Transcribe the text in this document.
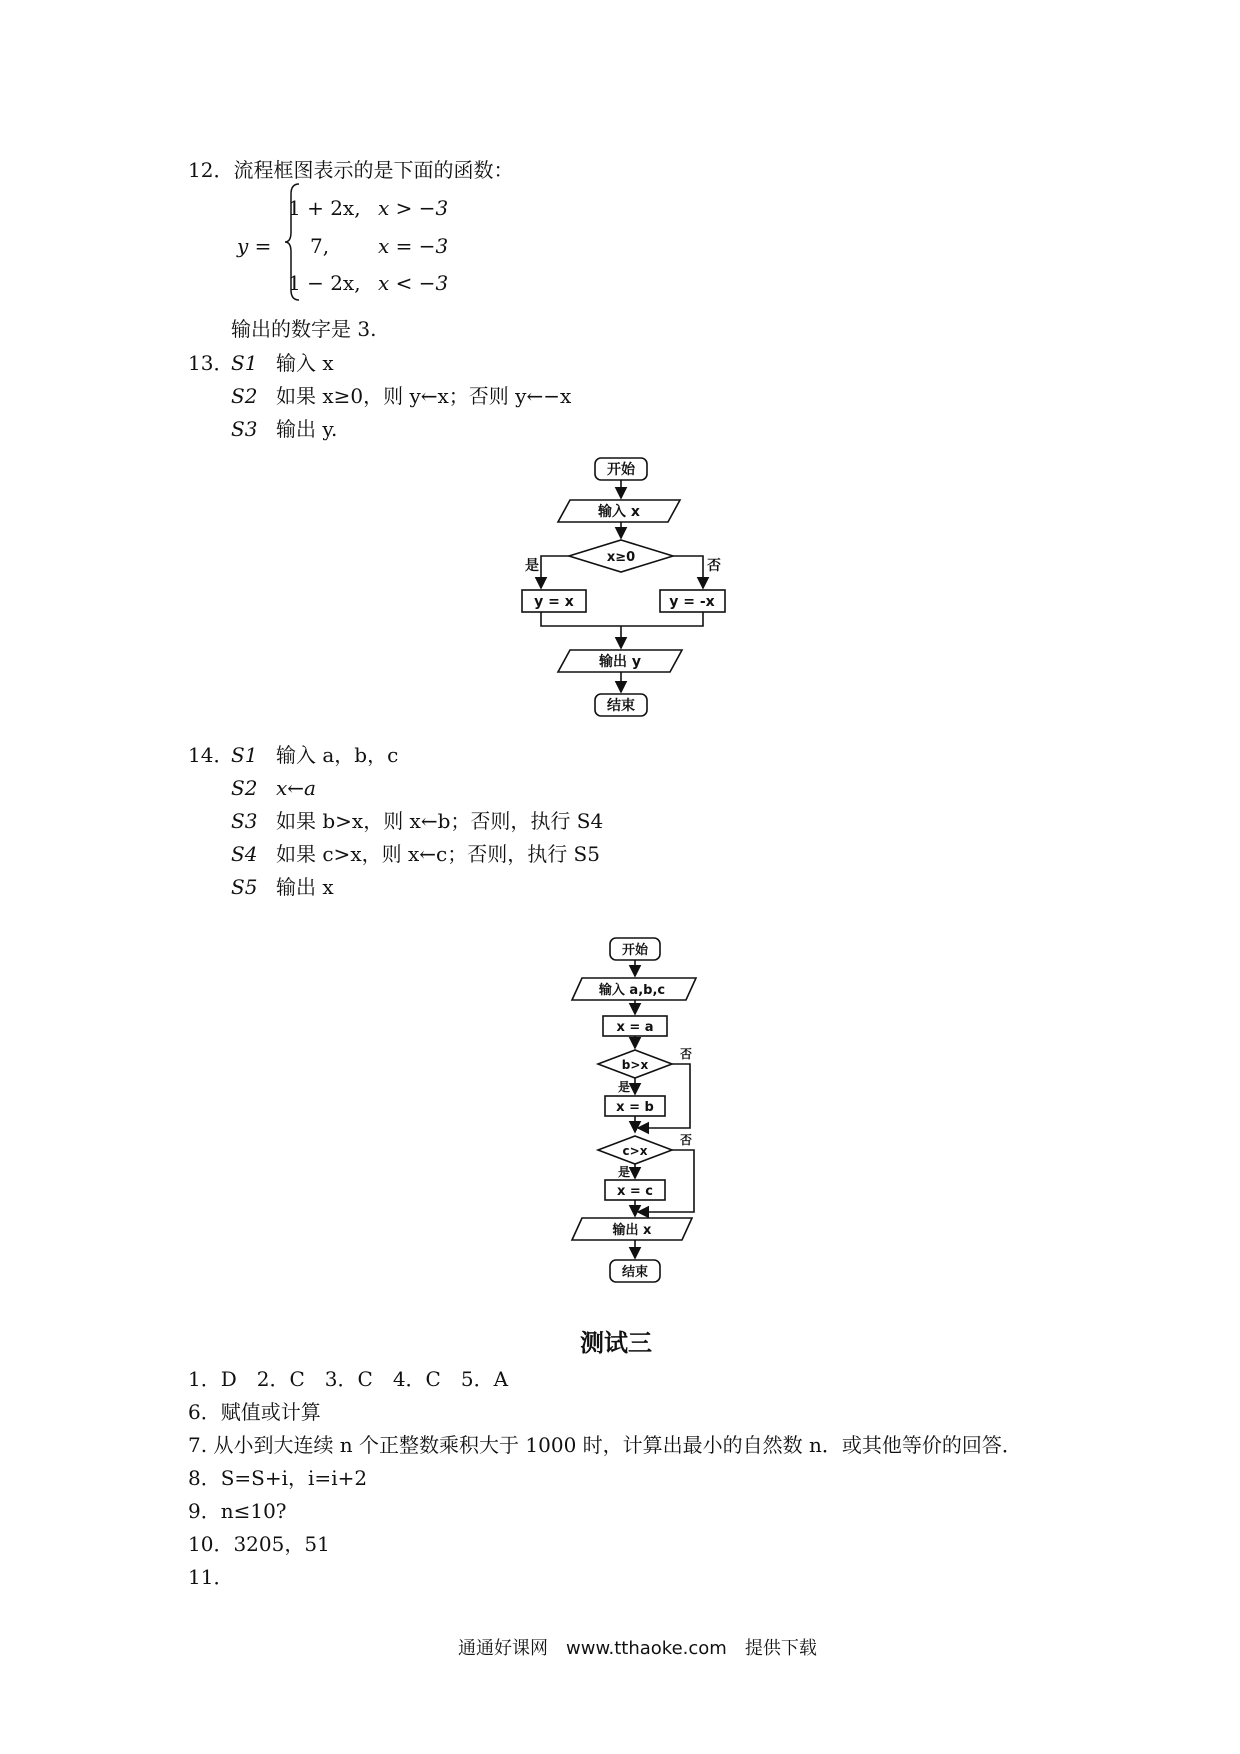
12．流程框图表示的是下面的函数：
y =
1 + 2x, x > −3
7, x = −3
1 − 2x, x < −3
输出的数字是 3.
13．
S1 输入 x
S2 如果 x≥0，则 y←x；否则 y←−x
S3 输出 y.
开始
输入 x
x≥0
是	否
y = x	y = -x
输出 y
结束
14．
S1 输入 a，b，c
S2 x←a
S3 如果 b>x，则 x←b；否则，执行 S4
S4 如果 c>x，则 x←c；否则，执行 S5
S5 输出 x
开始
输入 a,b,c
x = a
b>x
是
否
x = b
c>x
是
否
x = c
输出 x
结束
测试三
1．D　2．C　3．C　4．C　5．A
6．赋值或计算
7. 从小到大连续 n 个正整数乘积大于 1000 时，计算出最小的自然数 n．或其他等价的回答．
8．S=S+i，i=i+2
9．n≤10?
10．3205，51
11．
通通好课网　www.tthaoke.com　提供下载
